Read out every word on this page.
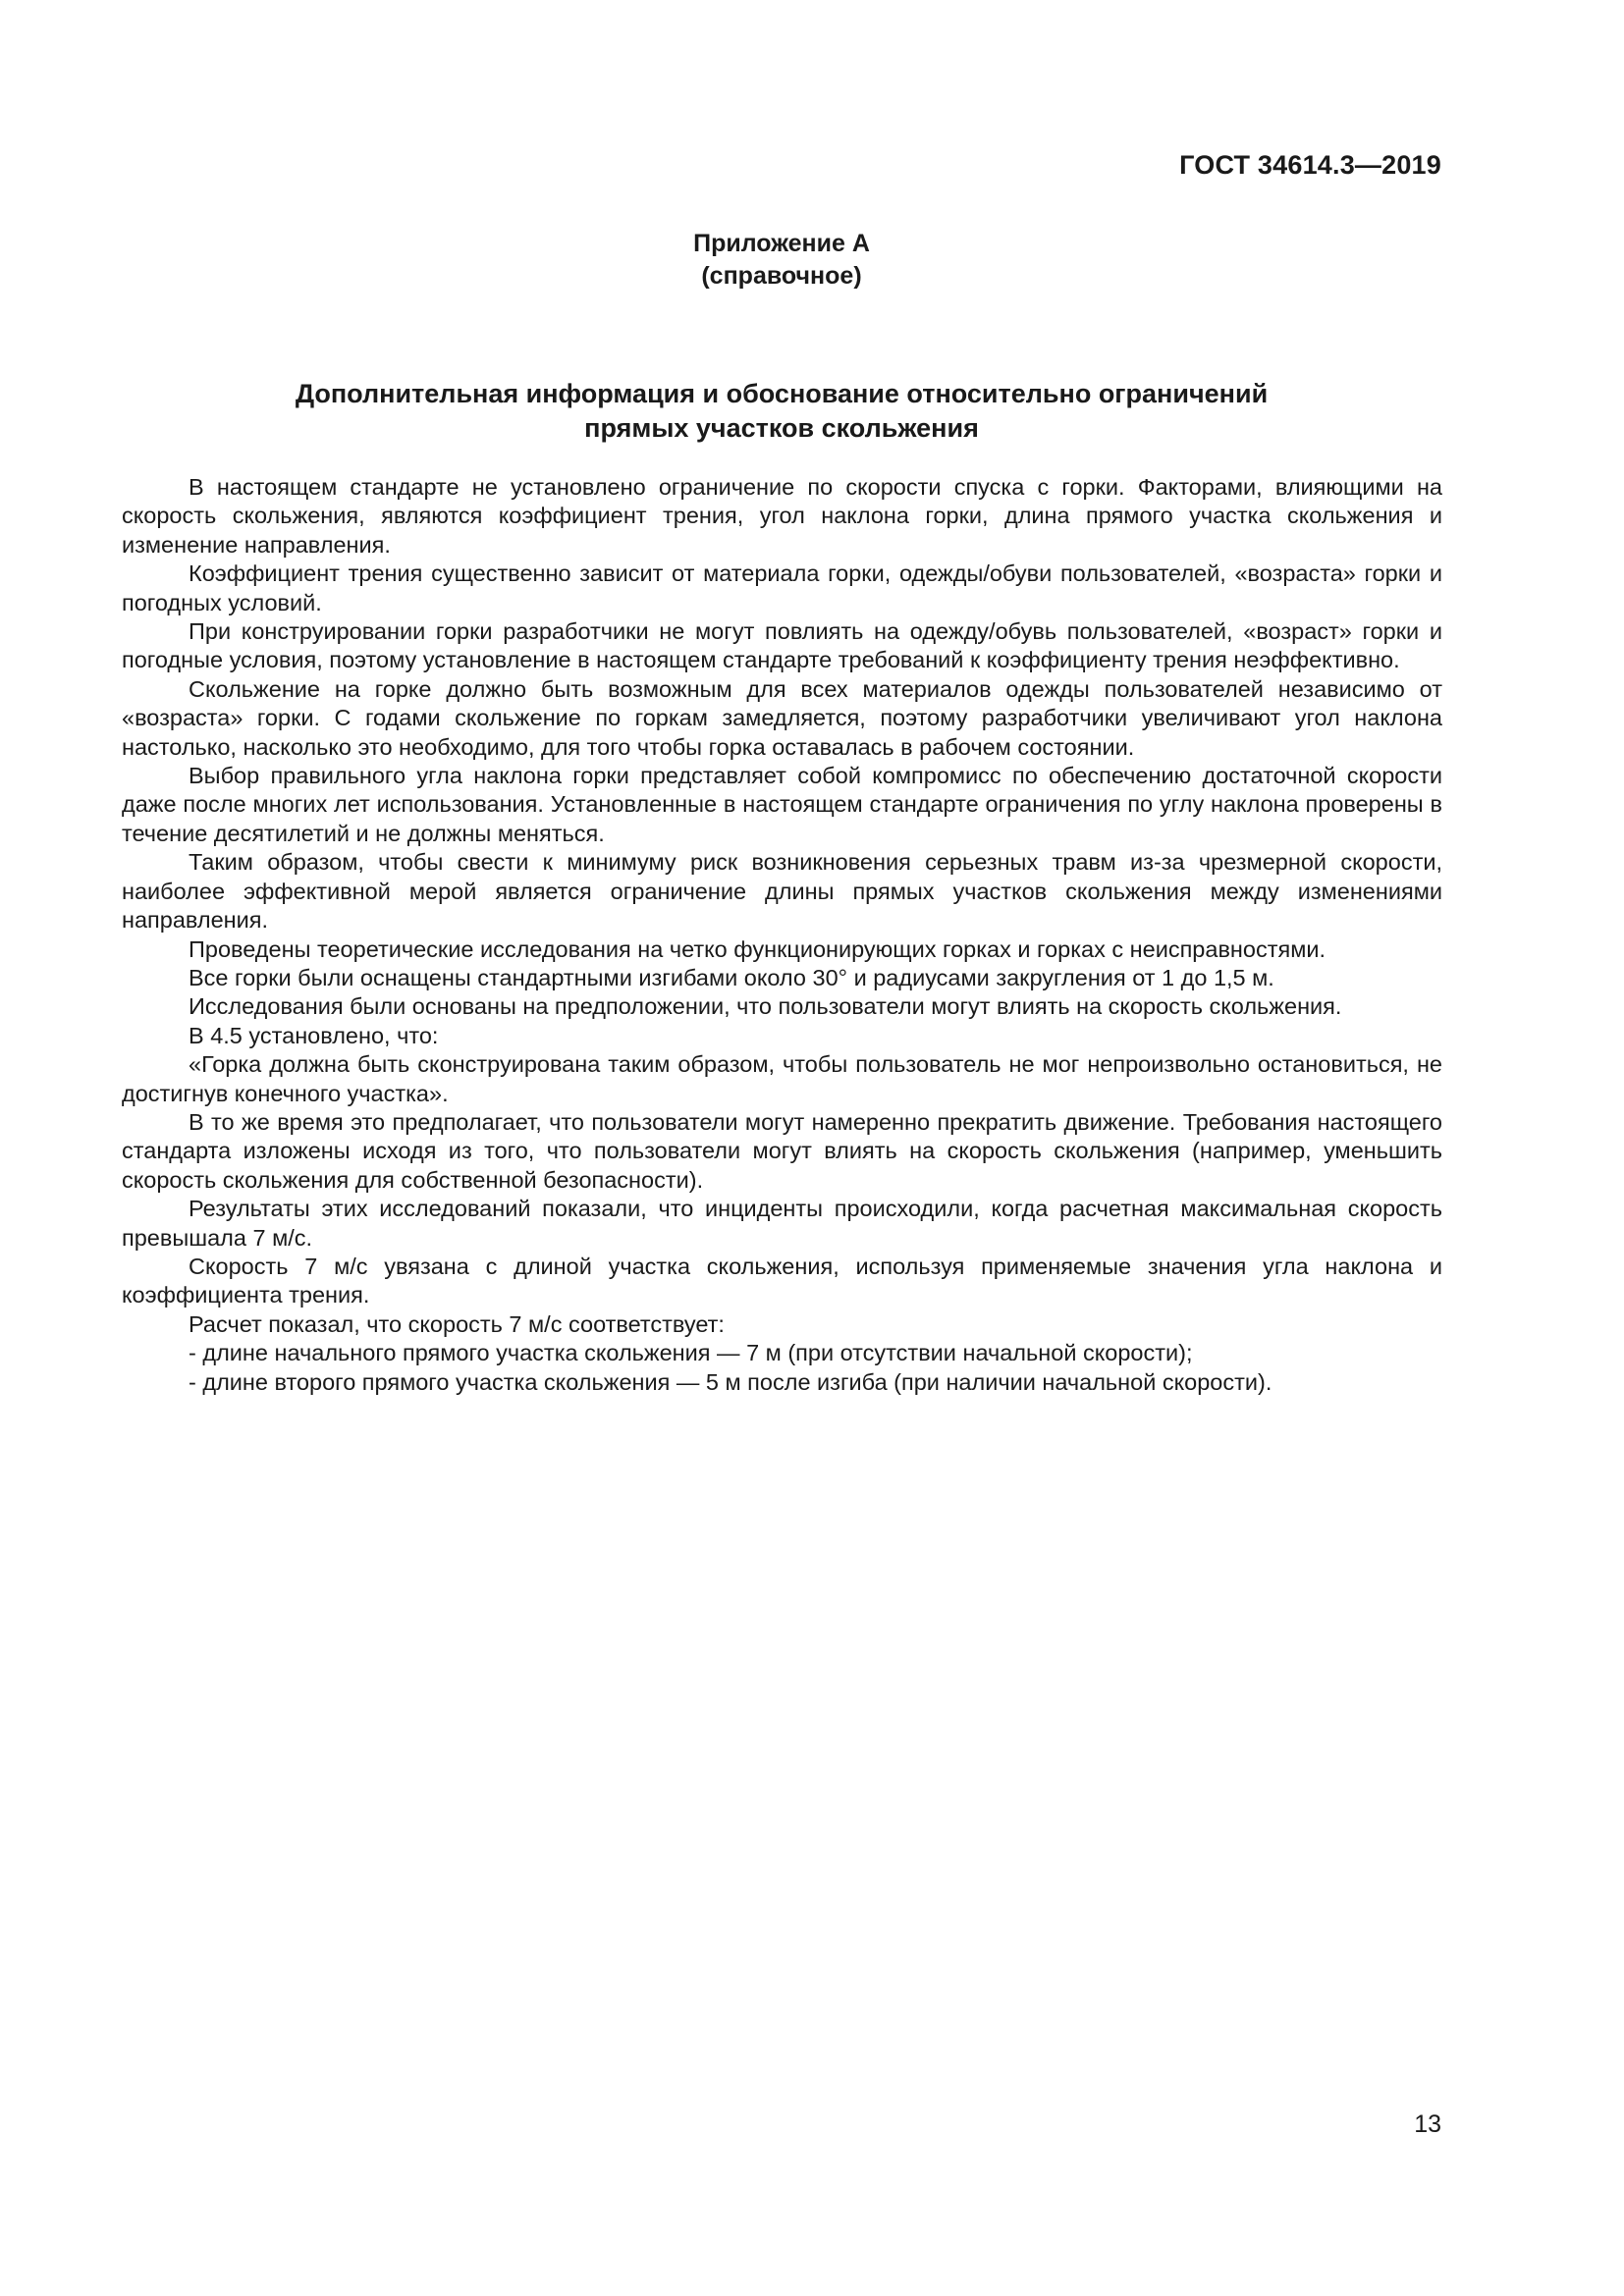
ГОСТ 34614.3—2019
Приложение А
(справочное)
Дополнительная информация и обоснование относительно ограничений
прямых участков скольжения

В настоящем стандарте не установлено ограничение по скорости спуска с горки. Факторами, влияющими на скорость скольжения, являются коэффициент трения, угол наклона горки, длина прямого участка скольжения и изменение направления.

Коэффициент трения существенно зависит от материала горки, одежды/обуви пользователей, «возраста» горки и погодных условий.

При конструировании горки разработчики не могут повлиять на одежду/обувь пользователей, «возраст» горки и погодные условия, поэтому установление в настоящем стандарте требований к коэффициенту трения неэффективно.

Скольжение на горке должно быть возможным для всех материалов одежды пользователей независимо от «возраста» горки. С годами скольжение по горкам замедляется, поэтому разработчики увеличивают угол наклона настолько, насколько это необходимо, для того чтобы горка оставалась в рабочем состоянии.

Выбор правильного угла наклона горки представляет собой компромисс по обеспечению достаточной скорости даже после многих лет использования. Установленные в настоящем стандарте ограничения по углу наклона проверены в течение десятилетий и не должны меняться.

Таким образом, чтобы свести к минимуму риск возникновения серьезных травм из-за чрезмерной скорости, наиболее эффективной мерой является ограничение длины прямых участков скольжения между изменениями направления.

Проведены теоретические исследования на четко функционирующих горках и горках с неисправностями.

Все горки были оснащены стандартными изгибами около 30° и радиусами закругления от 1 до 1,5 м.

Исследования были основаны на предположении, что пользователи могут влиять на скорость скольжения.

В 4.5 установлено, что:

«Горка должна быть сконструирована таким образом, чтобы пользователь не мог непроизвольно остановиться, не достигнув конечного участка».

В то же время это предполагает, что пользователи могут намеренно прекратить движение. Требования настоящего стандарта изложены исходя из того, что пользователи могут влиять на скорость скольжения (например, уменьшить скорость скольжения для собственной безопасности).

Результаты этих исследований показали, что инциденты происходили, когда расчетная максимальная скорость превышала 7 м/с.

Скорость 7 м/с увязана с длиной участка скольжения, используя применяемые значения угла наклона и коэффициента трения.

Расчет показал, что скорость 7 м/с соответствует:

- длине начального прямого участка скольжения — 7 м (при отсутствии начальной скорости);

- длине второго прямого участка скольжения — 5 м после изгиба (при наличии начальной скорости).

13
